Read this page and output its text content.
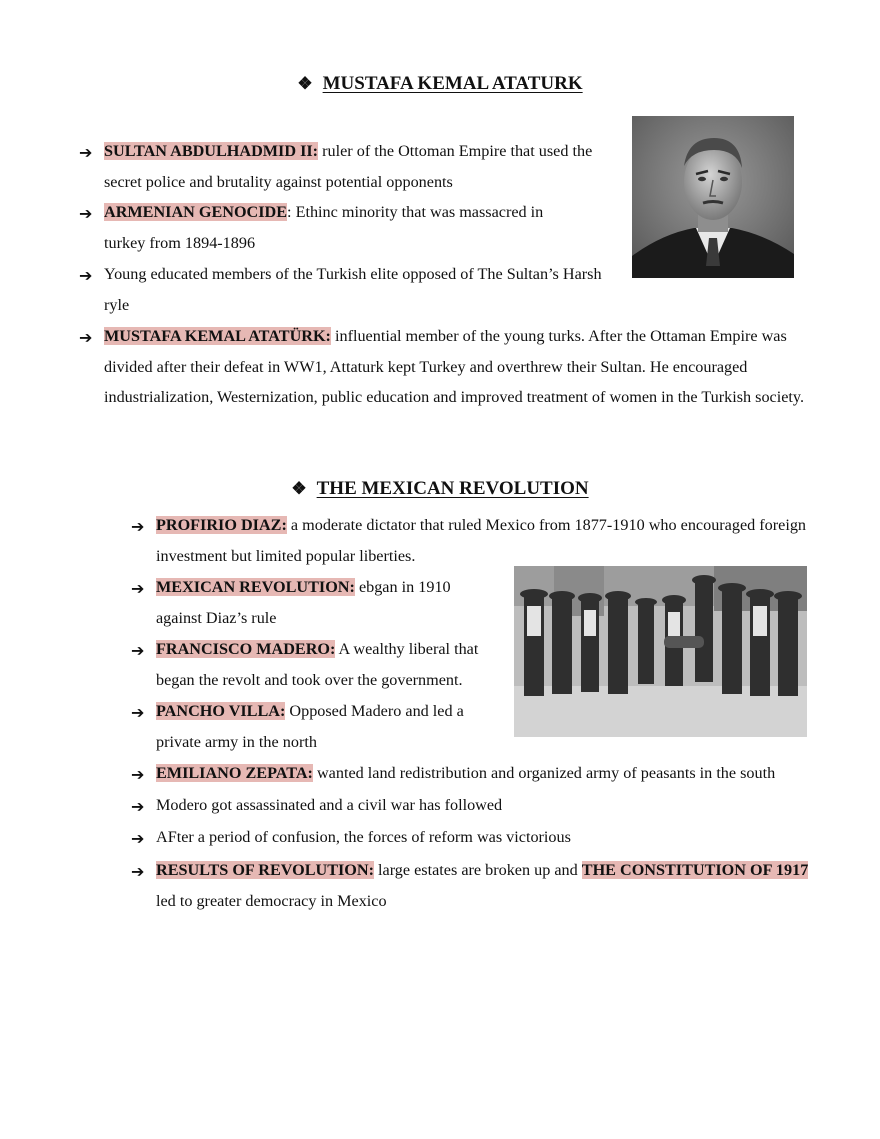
❖ MUSTAFA KEMAL ATATURK
➔ SULTAN ABDULHADMID II: ruler of the Ottoman Empire that used the secret police and brutality against potential opponents
➔ ARMENIAN GENOCIDE: Ethinc minority that was massacred in turkey from 1894-1896
➔ Young educated members of the Turkish elite opposed of The Sultan’s Harsh ryle
➔ MUSTAFA KEMAL ATATÜRK: influential member of the young turks. After the Ottaman Empire was divided after their defeat in WW1, Attaturk kept Turkey and overthrew their Sultan. He encouraged industrialization, Westernization, public education and improved treatment of women in the Turkish society.
❖ THE MEXICAN REVOLUTION
➔ PROFIRIO DIAZ: a moderate dictator that ruled Mexico from 1877-1910 who encouraged foreign investment but limited popular liberties.
➔ MEXICAN REVOLUTION: ebgan in 1910 against Diaz’s rule
➔ FRANCISCO MADERO: A wealthy liberal that began the revolt and took over the government.
➔ PANCHO VILLA: Opposed Madero and led a private army in the north
➔ EMILIANO ZEPATA: wanted land redistribution and organized army of peasants in the south
➔ Modero got assassinated and a civil war has followed
➔ AFter a period of confusion, the forces of reform was victorious
➔ RESULTS OF REVOLUTION: large estates are broken up and THE CONSTITUTION OF 1917 led to greater democracy in Mexico
